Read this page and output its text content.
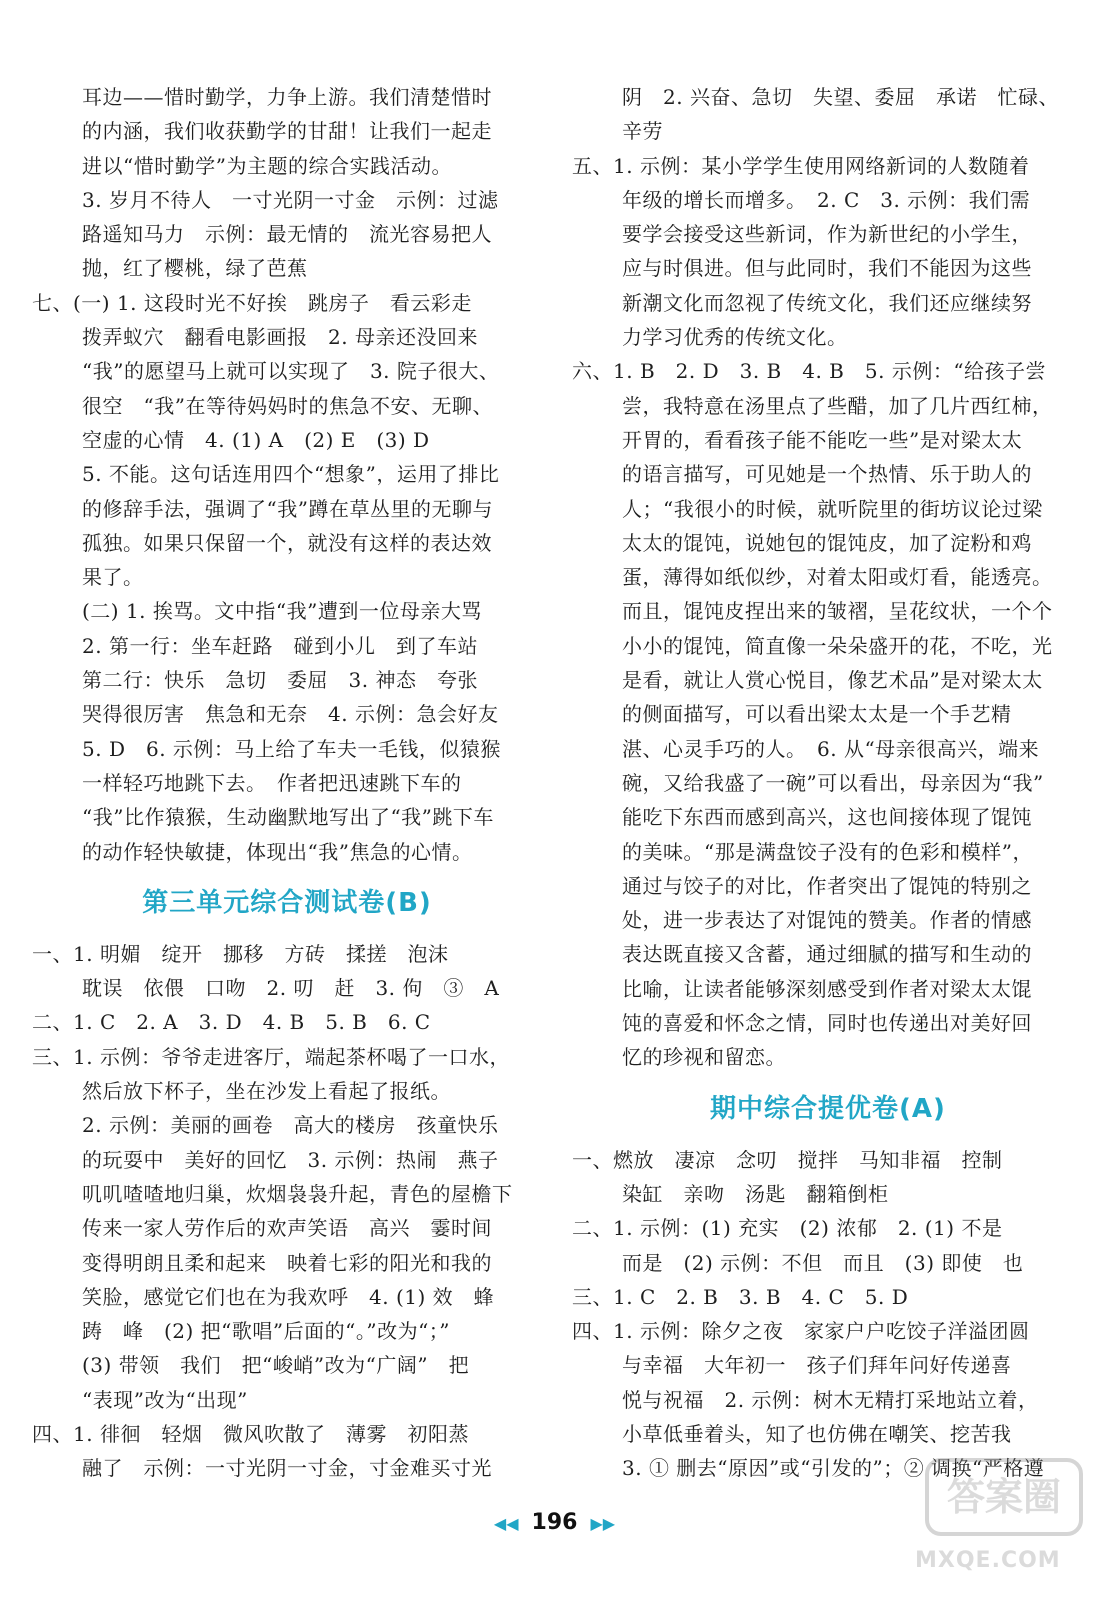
耳边——惜时勤学，力争上游。我们清楚惜时
的内涵，我们收获勤学的甘甜！让我们一起走
进以“惜时勤学”为主题的综合实践活动。
3. 岁月不待人　一寸光阴一寸金　示例：过滤
路遥知马力　示例：最无情的　流光容易把人
抛，红了樱桃，绿了芭蕉
七、(一) 1. 这段时光不好挨　跳房子　看云彩走
拨弄蚁穴　翻看电影画报　2. 母亲还没回来
“我”的愿望马上就可以实现了　3. 院子很大、
很空　“我”在等待妈妈时的焦急不安、无聊、
空虚的心情　4. (1) A　(2) E　(3) D
5. 不能。这句话连用四个“想象”，运用了排比
的修辞手法，强调了“我”蹲在草丛里的无聊与
孤独。如果只保留一个，就没有这样的表达效
果了。
(二) 1. 挨骂。文中指“我”遭到一位母亲大骂
2. 第一行：坐车赶路　碰到小儿　到了车站
第二行：快乐　急切　委屈　3. 神态　夸张
哭得很厉害　焦急和无奈　4. 示例：急会好友
5. D　6. 示例：马上给了车夫一毛钱，似猿猴
一样轻巧地跳下去。　作者把迅速跳下车的
“我”比作猿猴，生动幽默地写出了“我”跳下车
的动作轻快敏捷，体现出“我”焦急的心情。
第三单元综合测试卷(B)
一、1. 明媚　绽开　挪移　方砖　揉搓　泡沫
耽误　依偎　口吻　2. 叨　赶　3. 佝　③　A
二、1. C　2. A　3. D　4. B　5. B　6. C
三、1. 示例：爷爷走进客厅，端起茶杯喝了一口水，
然后放下杯子，坐在沙发上看起了报纸。
2. 示例：美丽的画卷　高大的楼房　孩童快乐
的玩耍中　美好的回忆　3. 示例：热闹　燕子
叽叽喳喳地归巢，炊烟袅袅升起，青色的屋檐下
传来一家人劳作后的欢声笑语　高兴　霎时间
变得明朗且柔和起来　映着七彩的阳光和我的
笑脸，感觉它们也在为我欢呼　4. (1) 效　蜂
踌　峰　(2) 把“歌唱”后面的“。”改为“；”
(3) 带领　我们　把“峻峭”改为“广阔”　把
“表现”改为“出现”
四、1. 徘徊　轻烟　微风吹散了　薄雾　初阳蒸
融了　示例：一寸光阴一寸金，寸金难买寸光
阴　2. 兴奋、急切　失望、委屈　承诺　忙碌、
辛劳
五、1. 示例：某小学学生使用网络新词的人数随着
年级的增长而增多。　2. C　3. 示例：我们需
要学会接受这些新词，作为新世纪的小学生，
应与时俱进。但与此同时，我们不能因为这些
新潮文化而忽视了传统文化，我们还应继续努
力学习优秀的传统文化。
六、1. B　2. D　3. B　4. B　5. 示例：“给孩子尝
尝，我特意在汤里点了些醋，加了几片西红柿，
开胃的，看看孩子能不能吃一些”是对梁太太
的语言描写，可见她是一个热情、乐于助人的
人；“我很小的时候，就听院里的街坊议论过梁
太太的馄饨，说她包的馄饨皮，加了淀粉和鸡
蛋，薄得如纸似纱，对着太阳或灯看，能透亮。
而且，馄饨皮捏出来的皱褶，呈花纹状，一个个
小小的馄饨，简直像一朵朵盛开的花，不吃，光
是看，就让人赏心悦目，像艺术品”是对梁太太
的侧面描写，可以看出梁太太是一个手艺精
湛、心灵手巧的人。　6. 从“母亲很高兴，端来
碗，又给我盛了一碗”可以看出，母亲因为“我”
能吃下东西而感到高兴，这也间接体现了馄饨
的美味。“那是满盘饺子没有的色彩和模样”，
通过与饺子的对比，作者突出了馄饨的特别之
处，进一步表达了对馄饨的赞美。作者的情感
表达既直接又含蓄，通过细腻的描写和生动的
比喻，让读者能够深刻感受到作者对梁太太馄
饨的喜爱和怀念之情，同时也传递出对美好回
忆的珍视和留恋。
期中综合提优卷(A)
一、燃放　凄凉　念叨　搅拌　马知非福　控制
染缸　亲吻　汤匙　翻箱倒柜
二、1. 示例：(1) 充实　(2) 浓郁　2. (1) 不是
而是　(2) 示例：不但　而且　(3) 即使　也
三、1. C　2. B　3. B　4. C　5. D
四、1. 示例：除夕之夜　家家户户吃饺子洋溢团圆
与幸福　大年初一　孩子们拜年问好传递喜
悦与祝福　2. 示例：树木无精打采地站立着，
小草低垂着头，知了也仿佛在嘲笑、挖苦我
3. ① 删去“原因”或“引发的”；② 调换“严格遵
◀◀ 196 ▶▶
答案圈
MXQE.COM
